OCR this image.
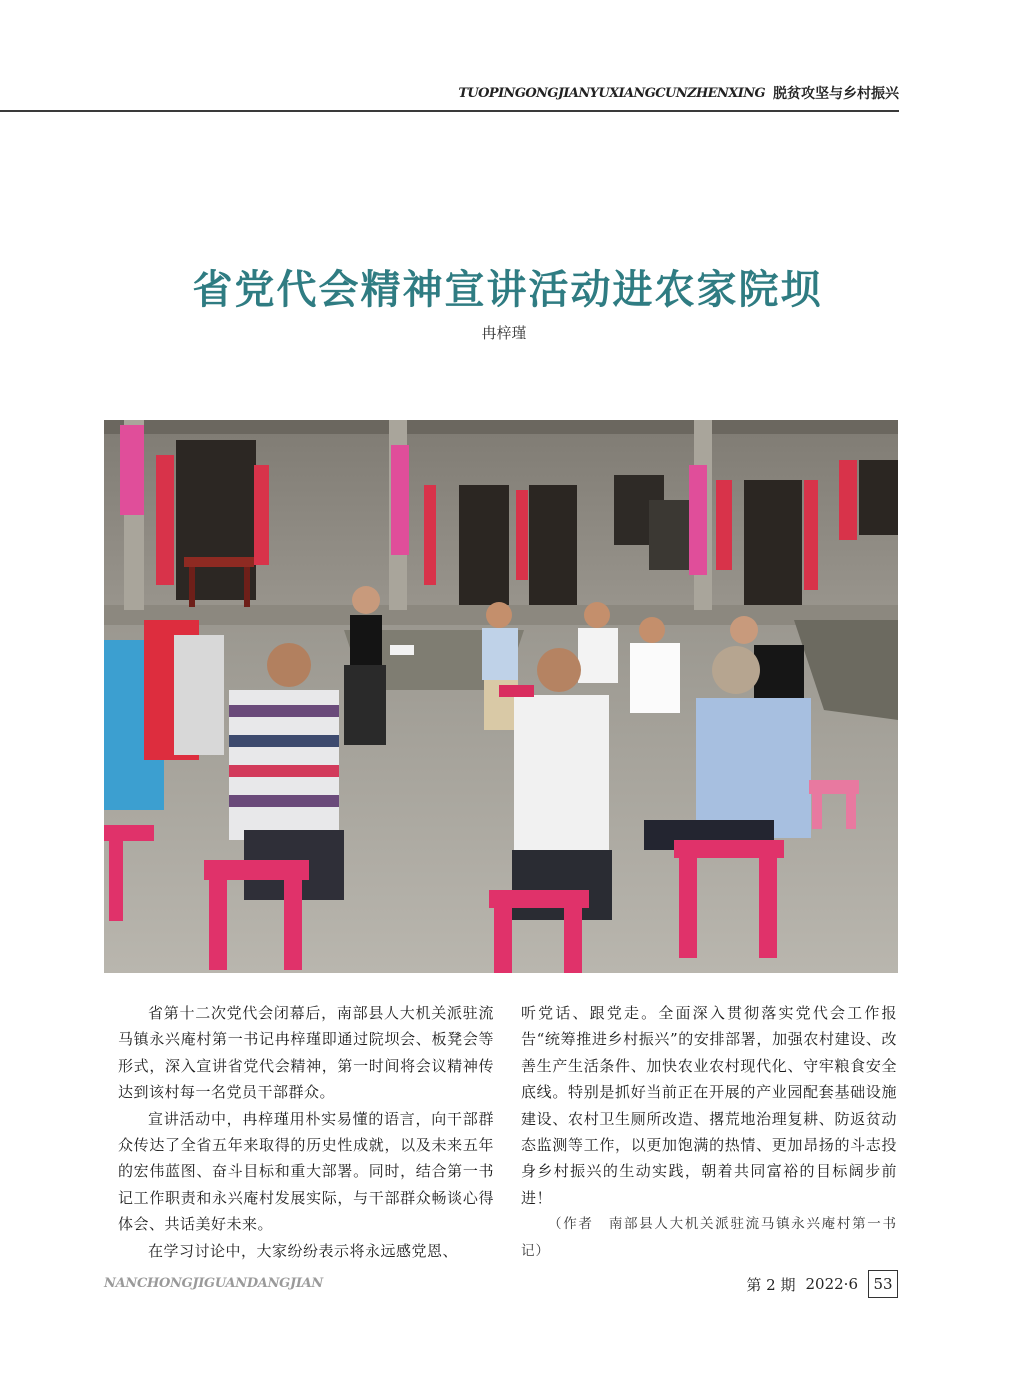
TUOPINGONGJIANYUXIANGCUNZHENXING 脱贫攻坚与乡村振兴
省党代会精神宣讲活动进农家院坝
冉梓瑾

省第十二次党代会闭幕后，南部县人大机关派驻流马镇永兴庵村第一书记冉梓瑾即通过院坝会、板凳会等形式，深入宣讲省党代会精神，第一时间将会议精神传达到该村每一名党员干部群众。

宣讲活动中，冉梓瑾用朴实易懂的语言，向干部群众传达了全省五年来取得的历史性成就，以及未来五年的宏伟蓝图、奋斗目标和重大部署。同时，结合第一书记工作职责和永兴庵村发展实际，与干部群众畅谈心得体会、共话美好未来。

在学习讨论中，大家纷纷表示将永远感党恩、

听党话、跟党走。全面深入贯彻落实党代会工作报告“统筹推进乡村振兴”的安排部署，加强农村建设、改善生产生活条件、加快农业农村现代化、守牢粮食安全底线。特别是抓好当前正在开展的产业园配套基础设施建设、农村卫生厕所改造、撂荒地治理复耕、防返贫动态监测等工作，以更加饱满的热情、更加昂扬的斗志投身乡村振兴的生动实践，朝着共同富裕的目标阔步前进！

（作者　南部县人大机关派驻流马镇永兴庵村第一书记）

NANCHONGJIGUANDANGJIAN	第 2 期 2022·6	53
